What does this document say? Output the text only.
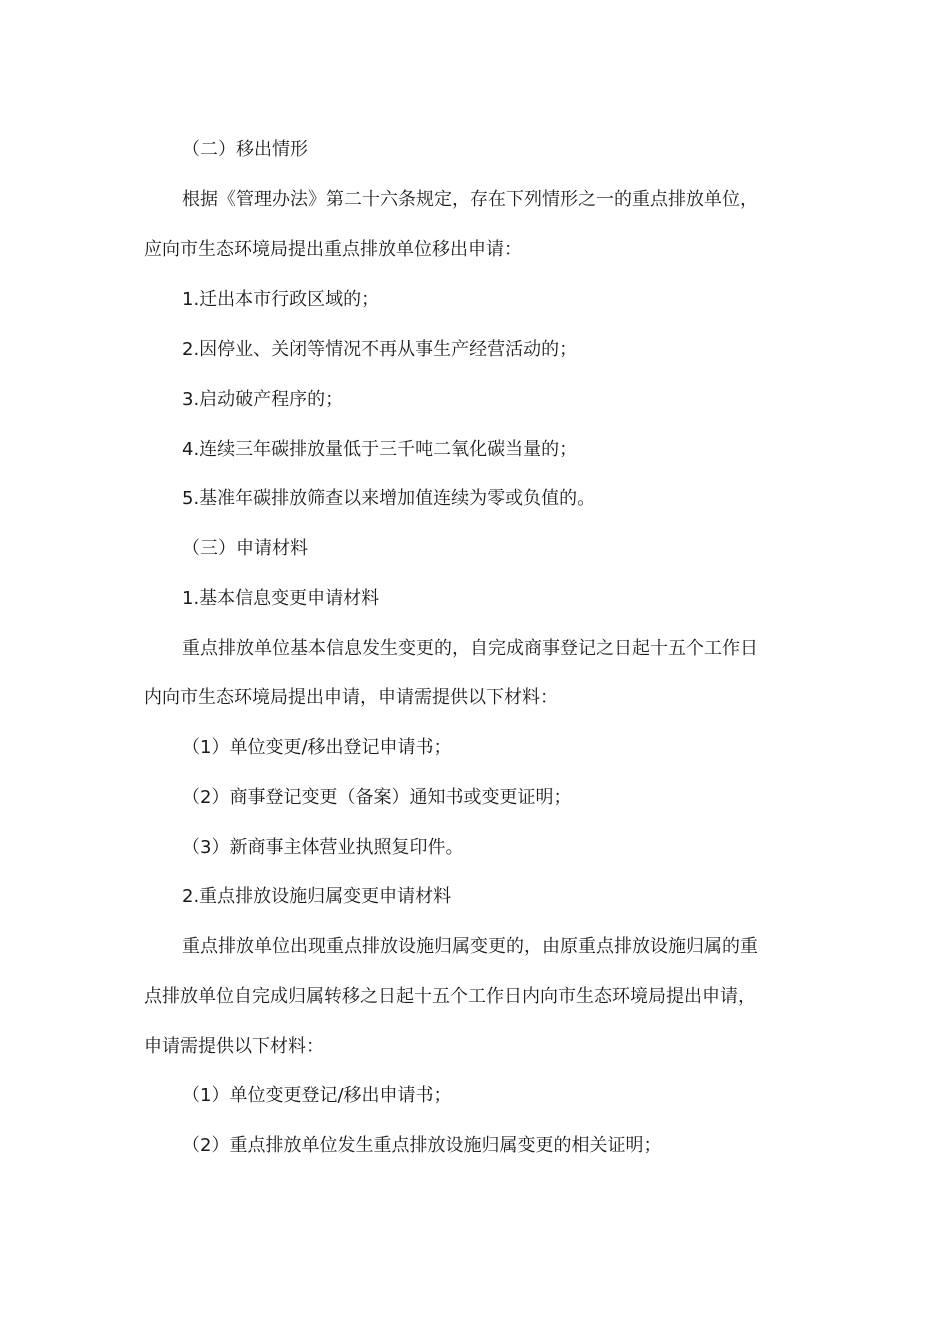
（二）移出情形
根据《管理办法》第二十六条规定，存在下列情形之一的重点排放单位，
应向市生态环境局提出重点排放单位移出申请：
1.迁出本市行政区域的；
2.因停业、关闭等情况不再从事生产经营活动的；
3.启动破产程序的；
4.连续三年碳排放量低于三千吨二氧化碳当量的；
5.基准年碳排放筛查以来增加值连续为零或负值的。
（三）申请材料
1.基本信息变更申请材料
重点排放单位基本信息发生变更的，自完成商事登记之日起十五个工作日
内向市生态环境局提出申请，申请需提供以下材料：
（1）单位变更/移出登记申请书；
（2）商事登记变更（备案）通知书或变更证明；
（3）新商事主体营业执照复印件。
2.重点排放设施归属变更申请材料
重点排放单位出现重点排放设施归属变更的，由原重点排放设施归属的重
点排放单位自完成归属转移之日起十五个工作日内向市生态环境局提出申请，
申请需提供以下材料：
（1）单位变更登记/移出申请书；
（2）重点排放单位发生重点排放设施归属变更的相关证明；
